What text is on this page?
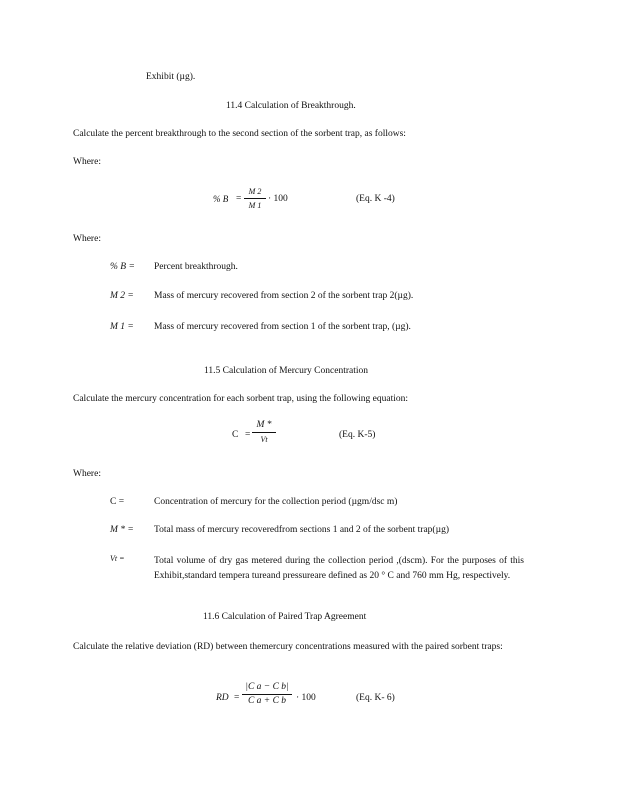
Exhibit (µg).
11.4 Calculation of Breakthrough.
Calculate the percent breakthrough to the second section of the sorbent trap, as follows:
Where:
% B =
M 2
M 1
· 100	(Eq. K -4)
Where:
% B = Percent breakthrough.
M 2 = Mass of mercury recovered from section 2 of the sorbent trap 2(µg).
M 1 = Mass of mercury recovered from section 1 of the sorbent trap, (µg).
11.5 Calculation of Mercury Concentration
Calculate the mercury concentration for each sorbent trap, using the following equation:
C =
M *
Vt	(Eq. K-5)
Where:
C =	Concentration of mercury for the collection period (µgm/dsc m)
M * = Total mass of mercury recoveredfrom sections 1 and 2 of the sorbent trap(µg)
Vt =	Total volume of dry gas metered during the collection period ,(dscm). For the purposes of this Exhibit,standard tempera tureand pressureare defined as 20 ° C and 760 mm Hg, respectively.
11.6 Calculation of Paired Trap Agreement
Calculate the relative deviation (RD) between themercury concentrations measured with the paired sorbent traps:
RD =
|C a − C b|
C a + C b	· 100	(Eq. K- 6)
